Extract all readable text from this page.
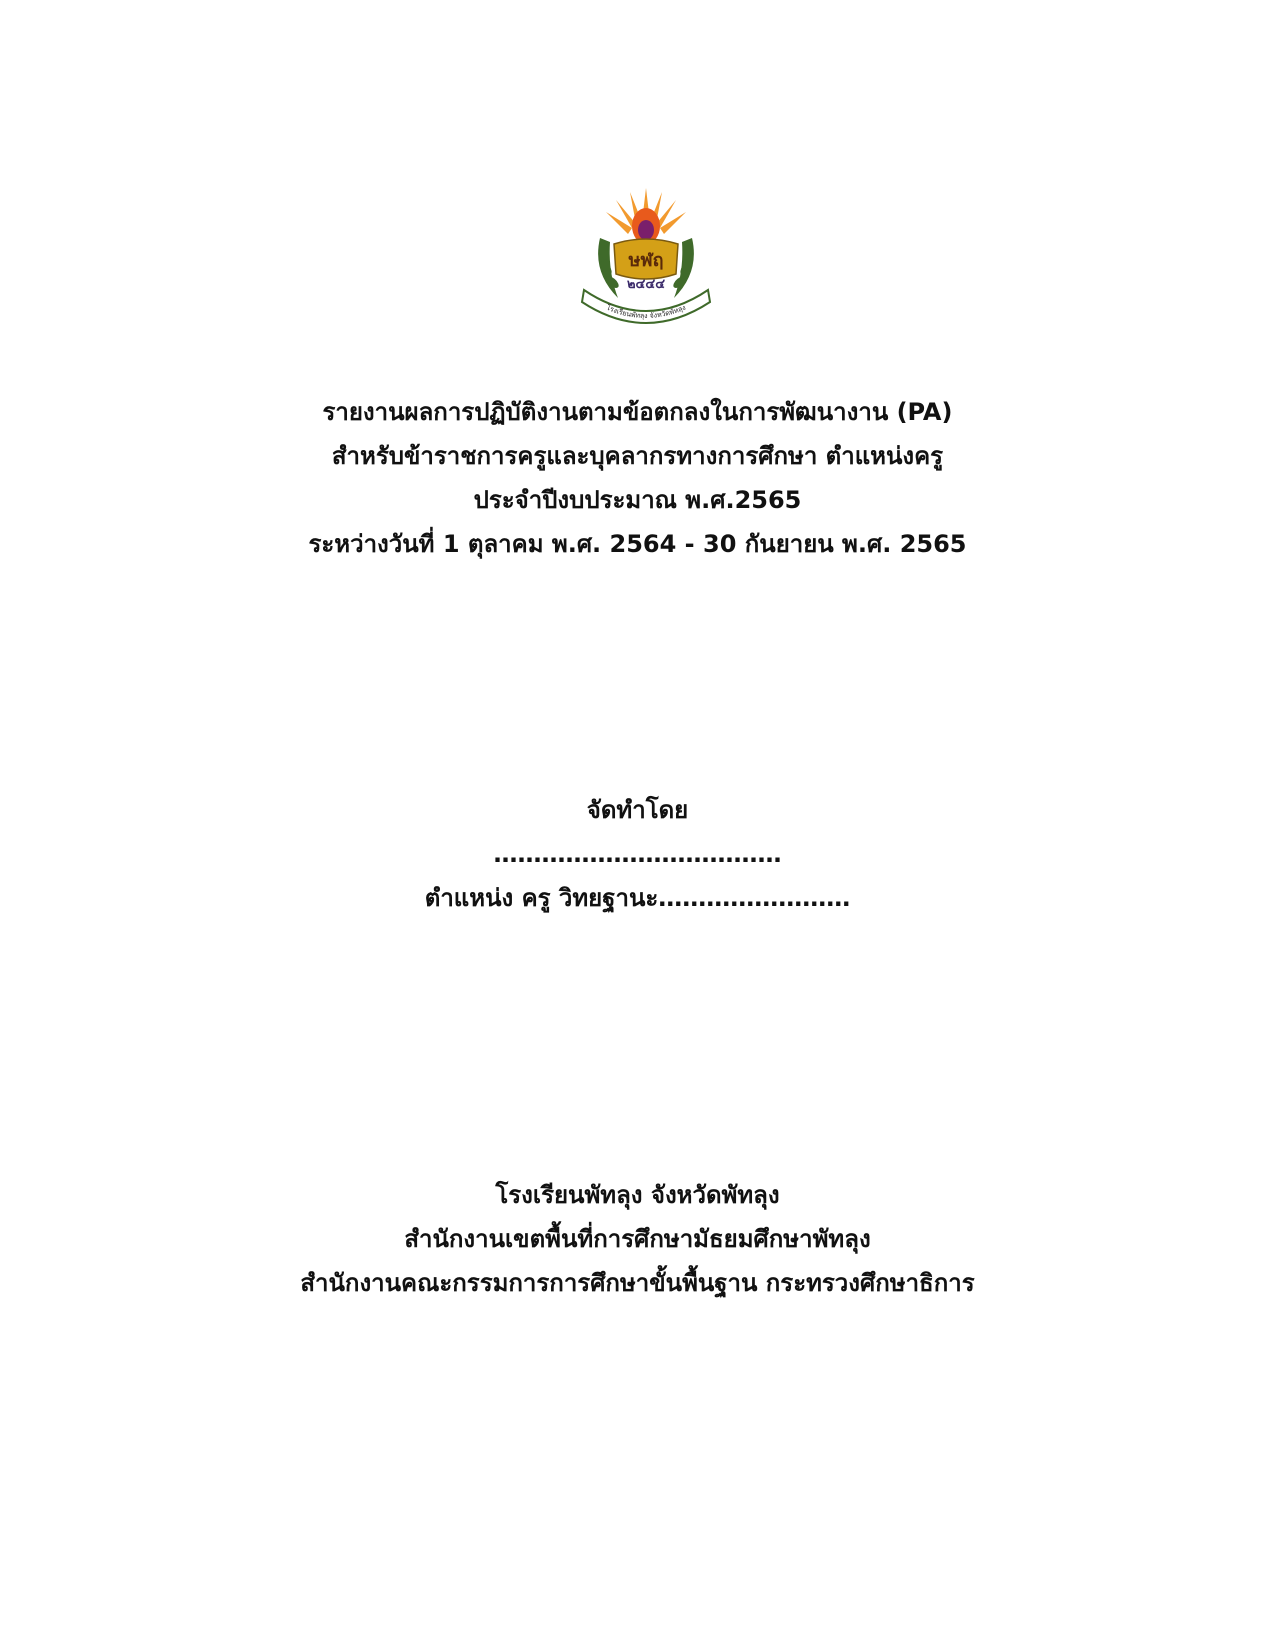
ษฬฤ
๒๔๔๔
โรงเรียนพัทลุง จังหวัดพัทลุง
รายงานผลการปฏิบัติงานตามข้อตกลงในการพัฒนางาน (PA)
สำหรับข้าราชการครูและบุคลากรทางการศึกษา ตำแหน่งครู
ประจำปีงบประมาณ พ.ศ.2565
ระหว่างวันที่ 1 ตุลาคม พ.ศ. 2564 - 30 กันยายน พ.ศ. 2565
จัดทำโดย
………………………………
ตำแหน่ง ครู วิทยฐานะ……………………
โรงเรียนพัทลุง จังหวัดพัทลุง
สำนักงานเขตพื้นที่การศึกษามัธยมศึกษาพัทลุง
สำนักงานคณะกรรมการการศึกษาขั้นพื้นฐาน กระทรวงศึกษาธิการ
